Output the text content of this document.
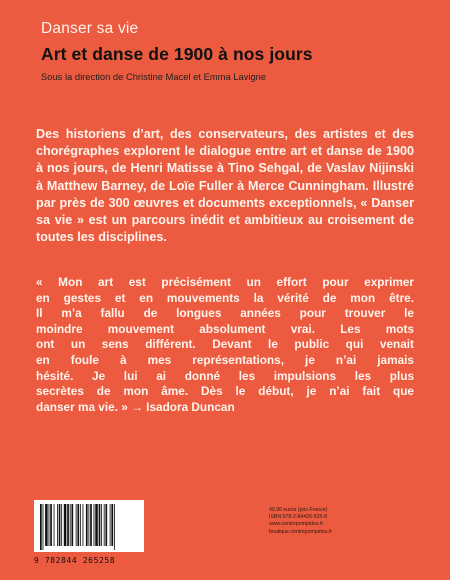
Danser sa vie
Art et danse de 1900 à nos jours
Sous la direction de Christine Macel et Emma Lavigne
Des historiens d’art, des conservateurs, des artistes et des chorégraphes explorent le dialogue entre art et danse de 1900 à nos jours, de Henri Matisse à Tino Sehgal, de Vaslav Nijinski à Matthew Barney, de Loïe Fuller à Merce Cunningham. Illustré par près de 300 œuvres et documents exceptionnels, « Danser sa vie » est un parcours inédit et ambitieux au croisement de toutes les disciplines.
« Mon art est précisément un effort pour exprimer
en gestes et en mouvements la vérité de mon être.
Il m’a fallu de longues années pour trouver le
moindre mouvement absolument vrai. Les mots
ont un sens différent. Devant le public qui venait
en foule à mes représentations, je n’ai jamais
hésité. Je lui ai donné les impulsions les plus
secrètes de mon âme. Dès le début, je n’ai fait que
danser ma vie. » → Isadora Duncan
9 782844 265258
49,90 euros (prix France)
ISBN 978-2-84426-525-8
www.centrepompidou.fr
boutique.centrepompidou.fr
